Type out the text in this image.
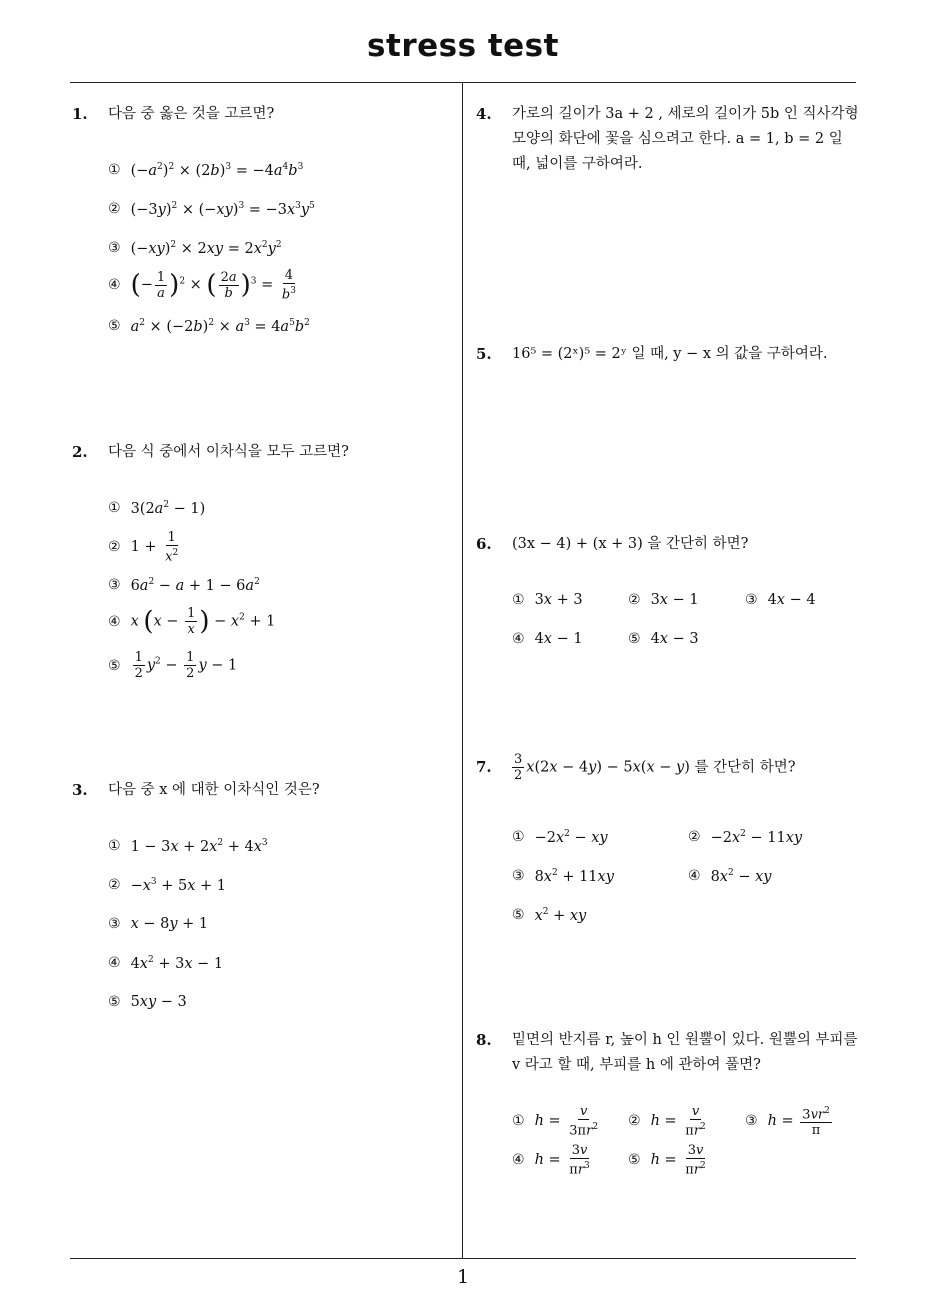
stress test
1
1. 다음 중 옳은 것을 고르면?
① $(-a^2)^2 \times (2b)^3 = -4a^4b^3$
② $(-3y)^2 \times (-xy)^3 = -3x^3y^5$
③ $(-xy)^2 \times 2xy = 2x^2y^2$
④ (− $\frac{1}{a} )^2$ × ( $\frac{2a}{b} )^3 = \frac{4}{b^3}$
⑤ $a^2 \times (-2b)^2 \times a^3 = 4a^5b^2$
2. 다음 식 중에서 이차식을 모두 고르면?
① $3(2a^2 - 1)$
② $1 + \frac{1}{x^2}$
③ $6a^2 - a + 1 - 6a^2$
④ x ($x - \frac{1}{x}$ ) − $x^2 + 1$
⑤ $\frac{1}{2} y^2 - \frac{1}{2}$ y − 1
3. 다음 중 x 에 대한 이차식인 것은?
① $1 - 3x + 2x^2 + 4x^3$
② $-x^3 + 5x + 1$
③ x − 8y + 1
④ $4x^2 + 3x - 1$
⑤ 5xy − 3
4. 가로의 길이가 3a + 2 , 세로의 길이가 5b 인 직사각형
모양의 화단에 꽃을 심으려고 한다. a = 1, b = 2 일
때, 넓이를 구하여라.
5. 16⁵ = (2ˣ)⁵ = 2ʸ 일 때, y − x 의 값을 구하여라.
6. (3x − 4) + (x + 3) 을 간단히 하면?
① 3x + 3	② 3x − 1	③ 4x − 4
④ 4x − 1	⑤ 4x − 3
7. $\frac{3}{2} x(2x - 4y) - 5x(x - y)$ 를 간단히 하면?
① $-2x^2$ − xy	② $-2x^2 - 11xy$
③ $8x^2 + 11xy$	④ $8x^2$ − xy
⑤ $x^2$ + xy
8. 밑면의 반지름 r, 높이 h 인 원뿔이 있다. 원뿔의 부피를
v 라고 할 때, 부피를 h 에 관하여 풀면?
① $h = \frac{v}{3\pi r^2}$ ② $h = \frac{v}{\pi r^2}$	③ $h = \frac{3vr^2}{\pi}$
④ $h = \frac{3v}{\pi r^3}$	⑤ $h = \frac{3v}{\pi r^2}$
